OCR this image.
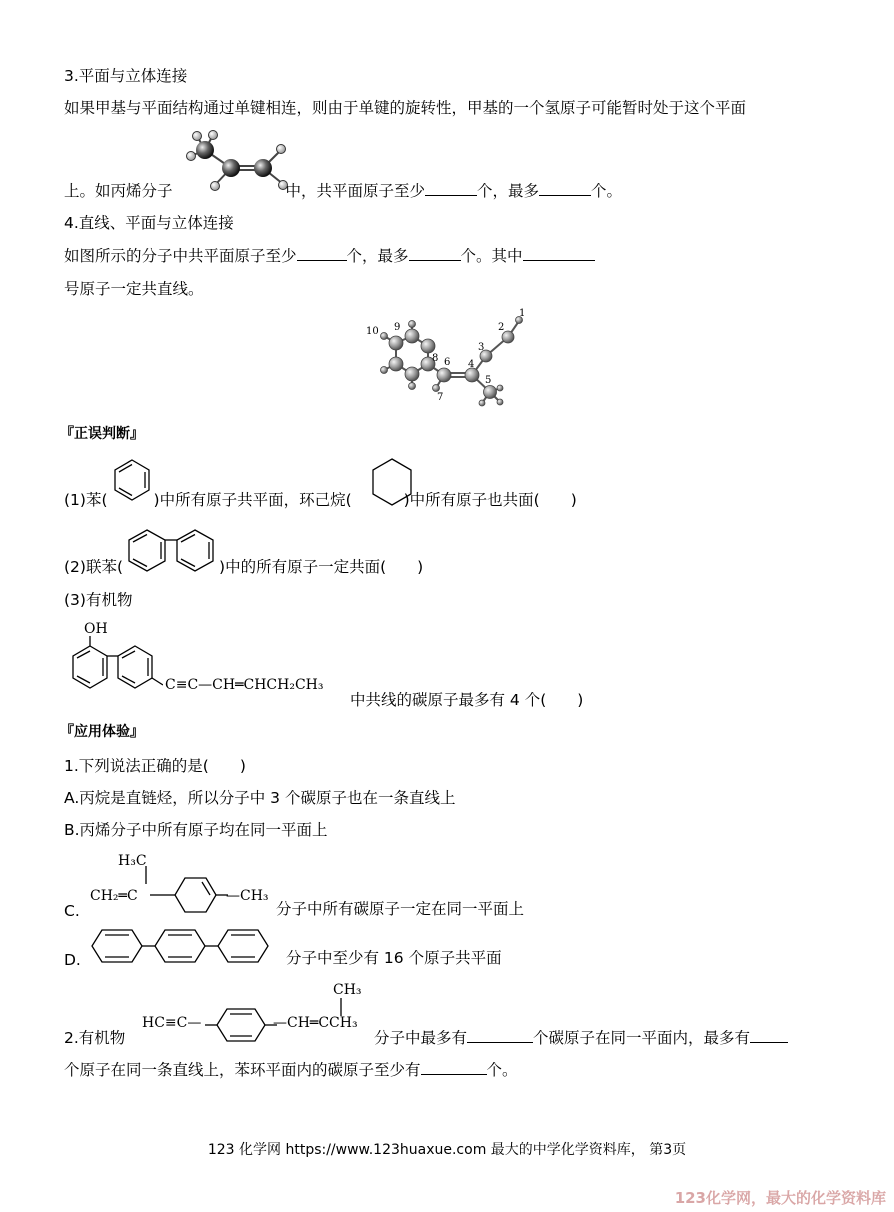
3.平面与立体连接
如果甲基与平面结构通过单键相连，则由于单键的旋转性，甲基的一个氢原子可能暂时处于这个平面
上。如丙烯分子	中，共平面原子至少	个，最多	个。
4.直线、平面与立体连接
如图所示的分子中共平面原子至少	个，最多	个。其中
号原子一定共直线。
1
2
3
4
5
6
7
8
9
10
『正误判断』
(1)苯(	)中所有原子共平面，环己烷(	)中所有原子也共面(　　)
(2)联苯(	)中的所有原子一定共面(　　)
(3)有机物
OH
C≡C—CH═CHCH₂CH₃
中共线的碳原子最多有 4 个(　　)
『应用体验』
1.下列说法正确的是(　　)
A.丙烷是直链烃，所以分子中 3 个碳原子也在一条直线上
B.丙烯分子中所有原子均在同一平面上
H₃C
CH₂═C	—CH₃
C.	分子中所有碳原子一定在同一平面上
D.	分子中至少有 16 个原子共平面
CH₃
HC≡C—	—CH═CCH₃
2.有机物	分子中最多有	个碳原子在同一平面内，最多有
个原子在同一条直线上，苯环平面内的碳原子至少有	个。
123 化学网 https://www.123huaxue.com 最大的中学化学资料库， 第3页
123化学网，最大的化学资料库
